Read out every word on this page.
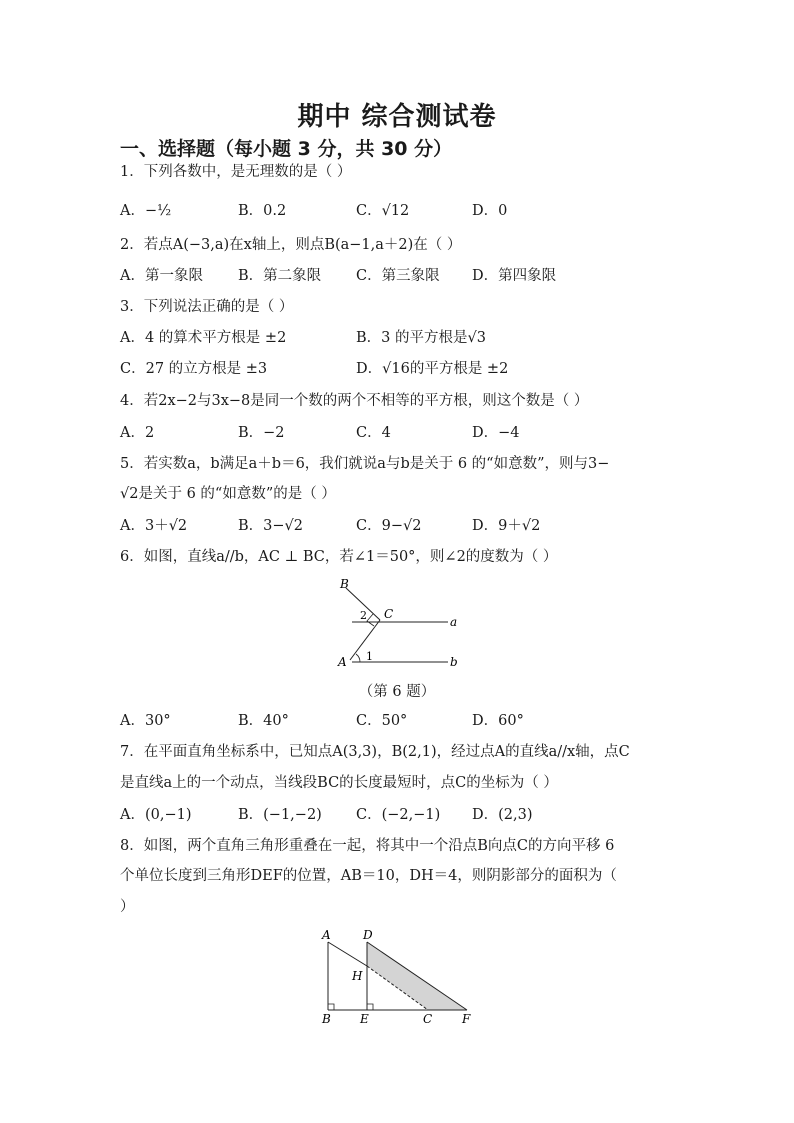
期中 综合测试卷
一、选择题（每小题 3 分，共 30 分）
1．下列各数中，是无理数的是（ ）
A．−½	B．0.2	C．√12	D．0
2．若点A(−3,a)在x轴上，则点B(a−1,a＋2)在（ ）
A．第一象限 B．第二象限 C．第三象限 D．第四象限
3．下列说法正确的是（ ）
A．4 的算术平方根是 ±2	B．3 的平方根是√3
C．27 的立方根是 ±3	D．√16的平方根是 ±2
4．若2x−2与3x−8是同一个数的两个不相等的平方根，则这个数是（ ）
A．2	B．−2	C．4	D．−4
5．若实数a，b满足a＋b＝6，我们就说a与b是关于 6 的“如意数”，则与3−
√2是关于 6 的“如意数”的是（ ）
A．3＋√2	B．3−√2	C．9−√2	D．9＋√2
6．如图，直线a//b，AC ⊥ BC，若∠1＝50°，则∠2的度数为（ ）
B
C
2	a
b
A 1
（第 6 题）
A．30°	B．40°	C．50°	D．60°
7．在平面直角坐标系中，已知点A(3,3)，B(2,1)，经过点A的直线a//x轴，点C
是直线a上的一个动点，当线段BC的长度最短时，点C的坐标为（ ）
A．(0,−1)	B．(−1,−2) C．(−2,−1) D．(2,3)
8．如图，两个直角三角形重叠在一起，将其中一个沿点B向点C的方向平移 6
个单位长度到三角形DEF的位置，AB＝10，DH＝4，则阴影部分的面积为（
）
A	D
H
B E	C F
